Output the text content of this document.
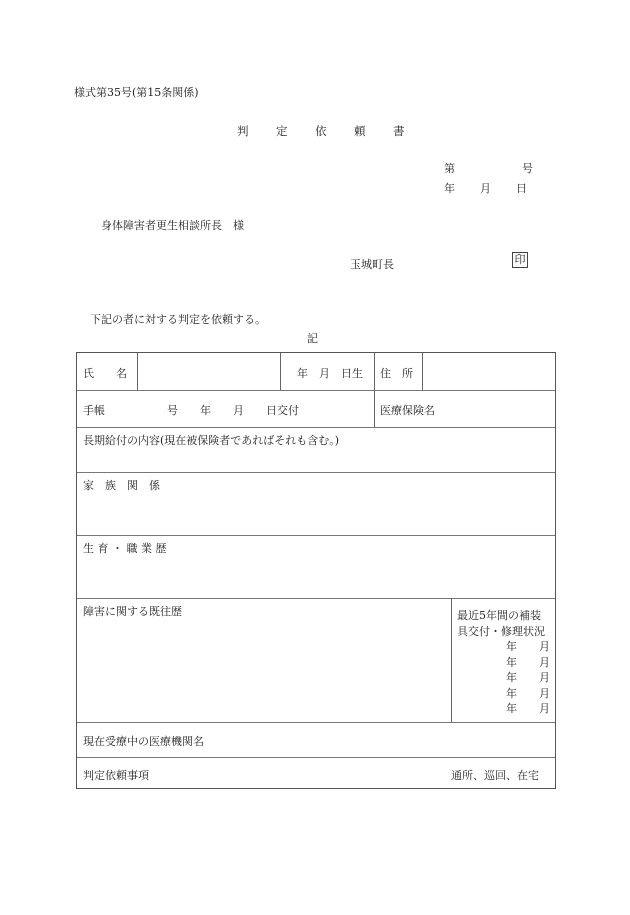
様式第35号(第15条関係)
判 定 依 頼 書
第	号
年 月 日
身体障害者更生相談所長　様
玉城町長	印
下記の者に対する判定を依頼する。
記
氏　　名	年　月　日生 住　所
手帳	号　　年　　月　　日交付	医療保険名
長期給付の内容(現在被保険者であればそれも含む。)
家　族　関　係
生 育 ・ 職 業 歴
障害に関する既往歴	最近5年間の補装
具交付・修理状況
年 月
年 月
年 月
年 月
年 月
現在受療中の医療機関名
判定依頼事項	通所、巡回、在宅
